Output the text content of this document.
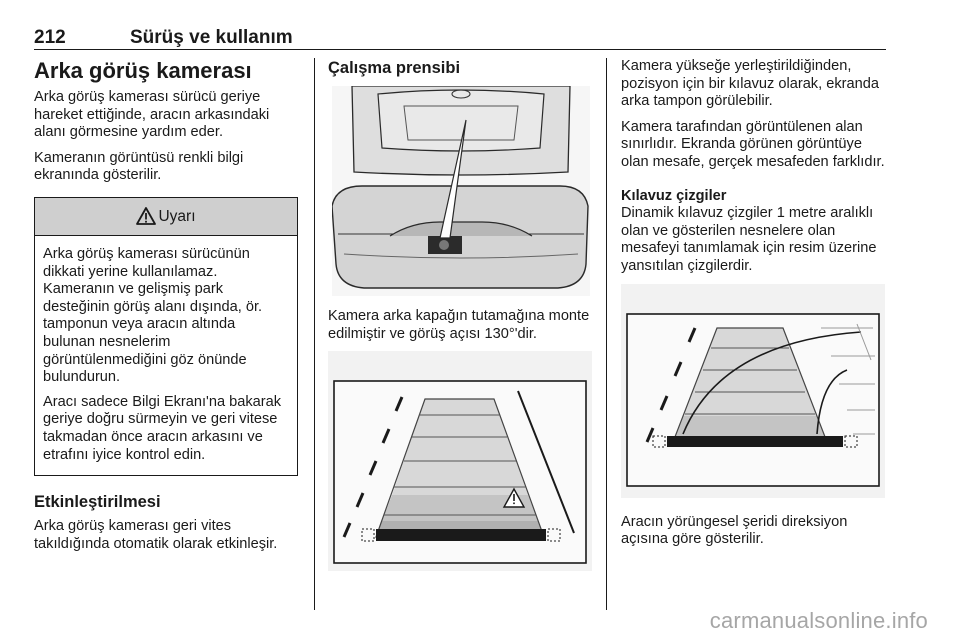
212	Sürüş ve kullanım
Arka görüş kamerası

Arka görüş kamerası sürücü geriye hareket ettiğinde, aracın arkasındaki alanı görmesine yardım eder.

Kameranın görüntüsü renkli bilgi ekranında gösterilir.

Uyarı

Arka görüş kamerası sürücünün dikkati yerine kullanılamaz. Kameranın ve gelişmiş park desteğinin görüş alanı dışında, ör. tamponun veya aracın altında bulunan nesnelerim görüntülenmediğini göz önünde bulundurun.

Aracı sadece Bilgi Ekranı'na bakarak geriye doğru sürmeyin ve geri vitese takmadan önce aracın arkasını ve etrafını iyice kontrol edin.

Etkinleştirilmesi

Arka görüş kamerası geri vites takıldığında otomatik olarak etkinleşir.

Çalışma prensibi

Kamera arka kapağın tutamağına monte edilmiştir ve görüş açısı 130°'dir.

Kamera yükseğe yerleştirildiğinden, pozisyon için bir kılavuz olarak, ekranda arka tampon görülebilir.

Kamera tarafından görüntülenen alan sınırlıdır. Ekranda görünen görüntüye olan mesafe, gerçek mesafeden farklıdır.

Kılavuz çizgiler

Dinamik kılavuz çizgiler 1 metre aralıklı olan ve gösterilen nesnelere olan mesafeyi tanımlamak için resim üzerine yansıtılan çizgilerdir.

Aracın yörüngesel şeridi direksiyon açısına göre gösterilir.

carmanualsonline.info
